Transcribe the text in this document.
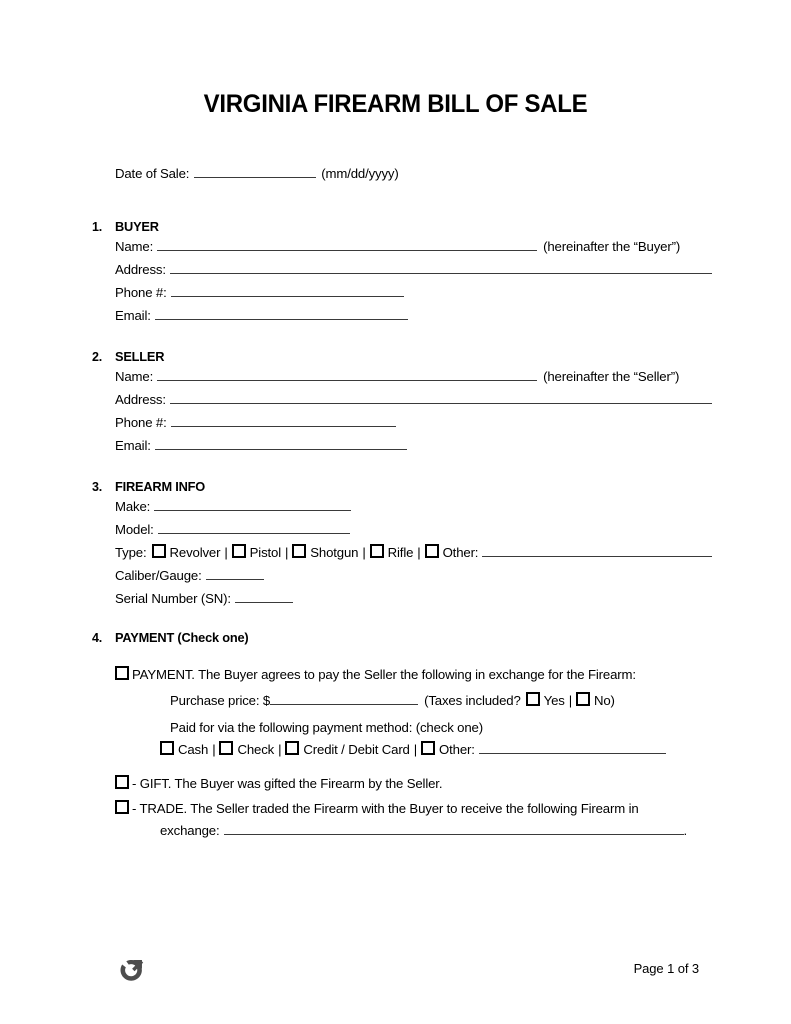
VIRGINIA FIREARM BILL OF SALE
Date of Sale:	(mm/dd/yyyy)
1. BUYER
Name:	(hereinafter the “Buyer”)
Address:
Phone #:
Email:
2. SELLER
Name:	(hereinafter the “Seller”)
Address:
Phone #:
Email:
3. FIREARM INFO
Make:
Model:
Type: Revolver |	Pistol |	Shotgun |	Rifle |	Other:
Caliber/Gauge:
Serial Number (SN):
4. PAYMENT (Check one)
PAYMENT. The Buyer agrees to pay the Seller the following in exchange for the Firearm:
Purchase price: $	(Taxes included? Yes |	No)
Paid for via the following payment method: (check one)
Cash |	Check |	Credit / Debit Card |	Other:
- GIFT. The Buyer was gifted the Firearm by the Seller.
- TRADE. The Seller traded the Firearm with the Buyer to receive the following Firearm in
exchange:	.
Page 1 of 3
